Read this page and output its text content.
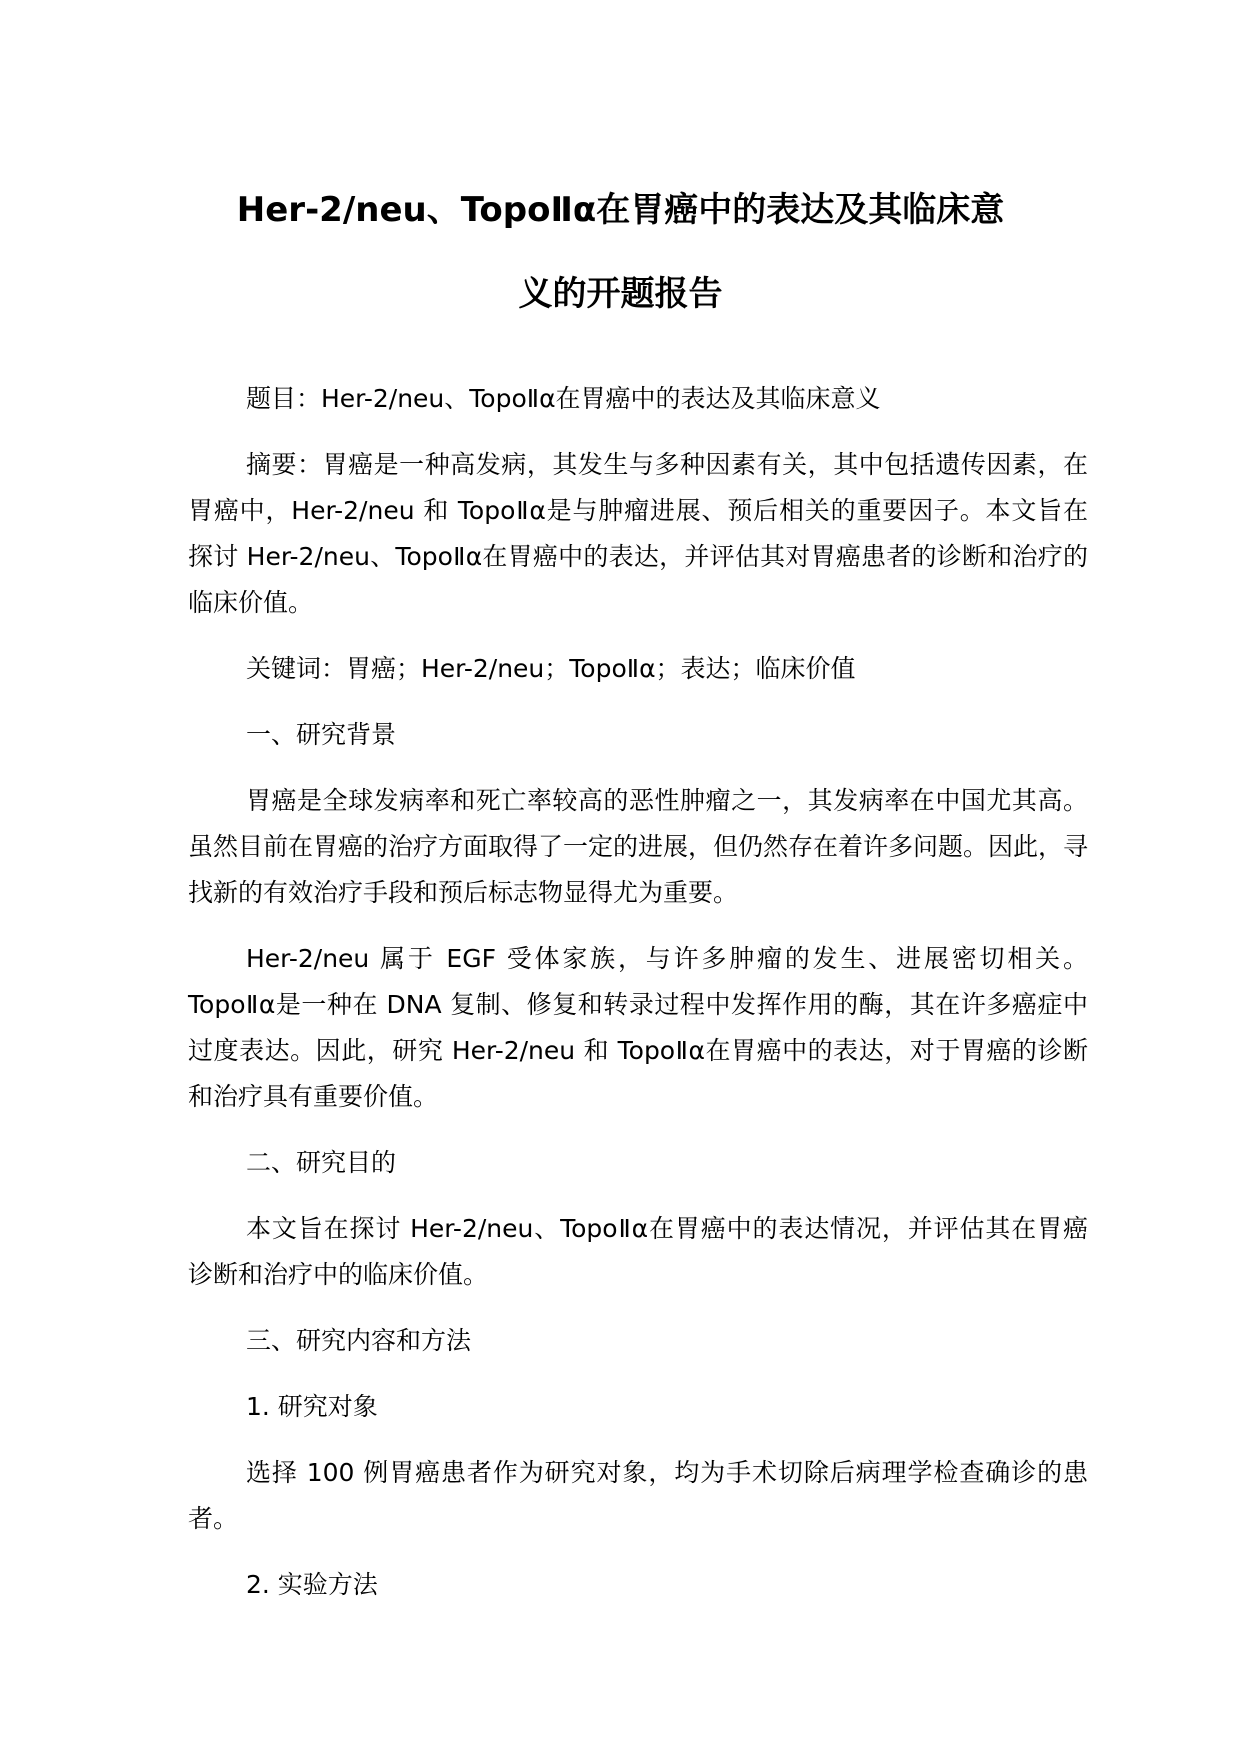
Her-2/neu、TopoⅡα在胃癌中的表达及其临床意
义的开题报告

题目：Her-2/neu、TopoⅡα在胃癌中的表达及其临床意义

摘要：胃癌是一种高发病，其发生与多种因素有关，其中包括遗传因素，在胃癌中，Her-2/neu 和 TopoⅡα是与肿瘤进展、预后相关的重要因子。本文旨在探讨 Her-2/neu、TopoⅡα在胃癌中的表达，并评估其对胃癌患者的诊断和治疗的临床价值。

关键词：胃癌；Her-2/neu；TopoⅡα；表达；临床价值

一、研究背景

胃癌是全球发病率和死亡率较高的恶性肿瘤之一，其发病率在中国尤其高。虽然目前在胃癌的治疗方面取得了一定的进展，但仍然存在着许多问题。因此，寻找新的有效治疗手段和预后标志物显得尤为重要。

Her-2/neu 属于 EGF 受体家族，与许多肿瘤的发生、进展密切相关。TopoⅡα是一种在 DNA 复制、修复和转录过程中发挥作用的酶，其在许多癌症中过度表达。因此，研究 Her-2/neu 和 TopoⅡα在胃癌中的表达，对于胃癌的诊断和治疗具有重要价值。

二、研究目的

本文旨在探讨 Her-2/neu、TopoⅡα在胃癌中的表达情况，并评估其在胃癌诊断和治疗中的临床价值。

三、研究内容和方法

1. 研究对象

选择 100 例胃癌患者作为研究对象，均为手术切除后病理学检查确诊的患者。

2. 实验方法
